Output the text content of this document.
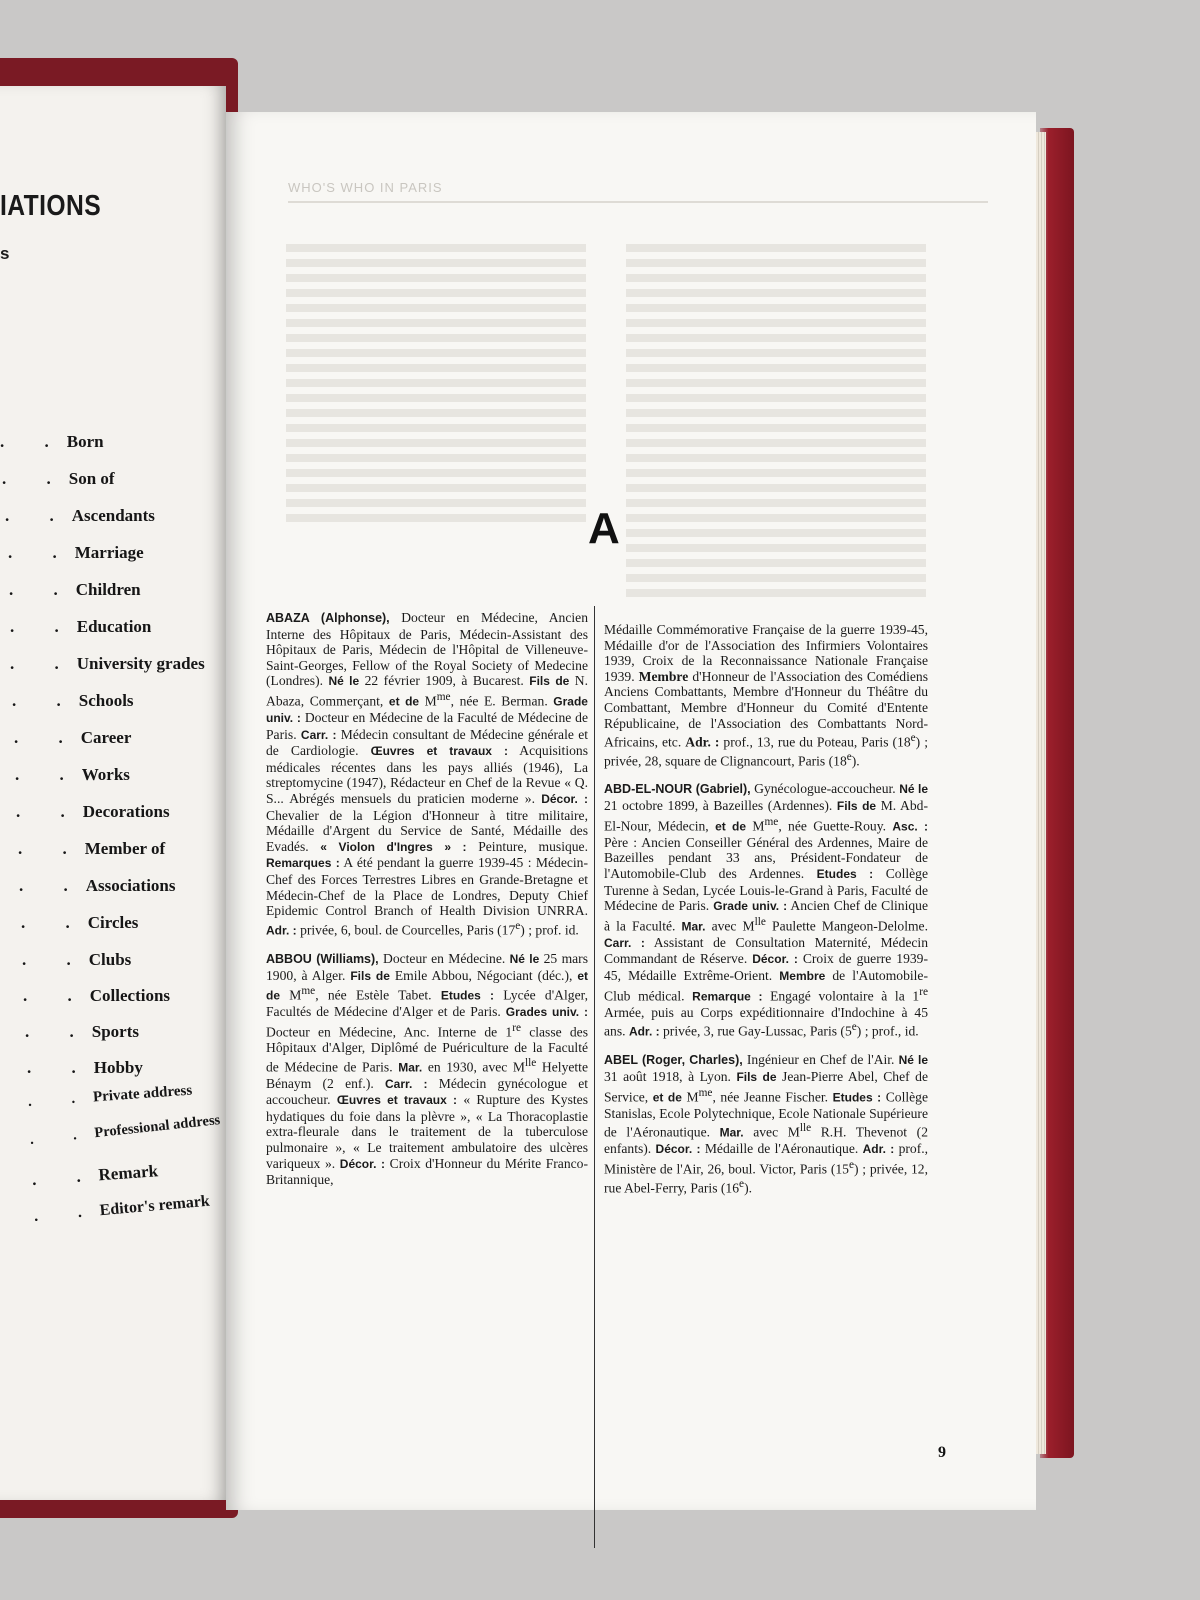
IATIONS

s

. .Born
. .Son of
. .Ascendants
. .Marriage
. .Children
. .Education
. .University grades
. .Schools
. .Career
. .Works
. .Decorations
. .Member of
. .Associations
. .Circles
. .Clubs
. .Collections
. .Sports
. .Hobby
. .Private address
. .Professional address
. .Remark
. .Editor's remark
WHO'S WHO IN PARIS
A

ABAZA (Alphonse), Docteur en Médecine, Ancien Interne des Hôpitaux de Paris, Médecin-Assistant des Hôpitaux de Paris, Médecin de l'Hôpital de Villeneuve-Saint-Georges, Fellow of the Royal Society of Medecine (Londres). Né le 22 février 1909, à Bucarest. Fils de N. Abaza, Commerçant, et de $M^{me}$, née E. Berman. Grade univ. : Docteur en Médecine de la Faculté de Médecine de Paris. Carr. : Médecin consultant de Médecine générale et de Cardiologie. Œuvres et travaux : Acquisitions médicales récentes dans les pays alliés (1946), La streptomycine (1947), Rédacteur en Chef de la Revue « Q. S... Abrégés mensuels du praticien moderne ». Décor. : Chevalier de la Légion d'Honneur à titre militaire, Médaille d'Argent du Service de Santé, Médaille des Evadés. « Violon d'Ingres » : Peinture, musique. Remarques : A été pendant la guerre 1939-45 : Médecin-Chef des Forces Terrestres Libres en Grande-Bretagne et Médecin-Chef de la Place de Londres, Deputy Chief Epidemic Control Branch of Health Division UNRRA. Adr. : privée, 6, boul. de Courcelles, Paris (17e) ; prof. id.

ABBOU (Williams), Docteur en Médecine. Né le 25 mars 1900, à Alger. Fils de Emile Abbou, Négociant (déc.), et de $M^{me}$, née Estèle Tabet. Etudes : Lycée d'Alger, Facultés de Médecine d'Alger et de Paris. Grades univ. : Docteur en Médecine, Anc. Interne de 1re classe des Hôpitaux d'Alger, Diplômé de Puériculture de la Faculté de Médecine de Paris. Mar. en 1930, avec $M^{lle}$ Helyette Bénaym (2 enf.). Carr. : Médecin gynécologue et accoucheur. Œuvres et travaux : « Rupture des Kystes hydatiques du foie dans la plèvre », « La Thoracoplastie extra-fleurale dans le traitement de la tuberculose pulmonaire », « Le traitement ambulatoire des ulcères variqueux ». Décor. : Croix d'Honneur du Mérite Franco-Britannique,

Médaille Commémorative Française de la guerre 1939-45, Médaille d'or de l'Association des Infirmiers Volontaires 1939, Croix de la Reconnaissance Nationale Française 1939. Membre d'Honneur de l'Association des Comédiens Anciens Combattants, Membre d'Honneur du Théâtre du Combattant, Membre d'Honneur du Comité d'Entente Républicaine, de l'Association des Combattants Nord-Africains, etc. Adr. : prof., 13, rue du Poteau, Paris (18e) ; privée, 28, square de Clignancourt, Paris (18e).

ABD-EL-NOUR (Gabriel), Gynécologue-accoucheur. Né le 21 octobre 1899, à Bazeilles (Ardennes). Fils de M. Abd-El-Nour, Médecin, et de $M^{me}$, née Guette-Rouy. Asc. : Père : Ancien Conseiller Général des Ardennes, Maire de Bazeilles pendant 33 ans, Président-Fondateur de l'Automobile-Club des Ardennes. Etudes : Collège Turenne à Sedan, Lycée Louis-le-Grand à Paris, Faculté de Médecine de Paris. Grade univ. : Ancien Chef de Clinique à la Faculté. Mar. avec $M^{lle}$ Paulette Mangeon-Delolme. Carr. : Assistant de Consultation Maternité, Médecin Commandant de Réserve. Décor. : Croix de guerre 1939-45, Médaille Extrême-Orient. Membre de l'Automobile-Club médical. Remarque : Engagé volontaire à la 1re Armée, puis au Corps expéditionnaire d'Indochine à 45 ans. Adr. : privée, 3, rue Gay-Lussac, Paris (5e) ; prof., id.

ABEL (Roger, Charles), Ingénieur en Chef de l'Air. Né le 31 août 1918, à Lyon. Fils de Jean-Pierre Abel, Chef de Service, et de $M^{me}$, née Jeanne Fischer. Etudes : Collège Stanislas, Ecole Polytechnique, Ecole Nationale Supérieure de l'Aéronautique. Mar. avec $M^{lle}$ R.H. Thevenot (2 enfants). Décor. : Médaille de l'Aéronautique. Adr. : prof., Ministère de l'Air, 26, boul. Victor, Paris (15e) ; privée, 12, rue Abel-Ferry, Paris (16e).

9
